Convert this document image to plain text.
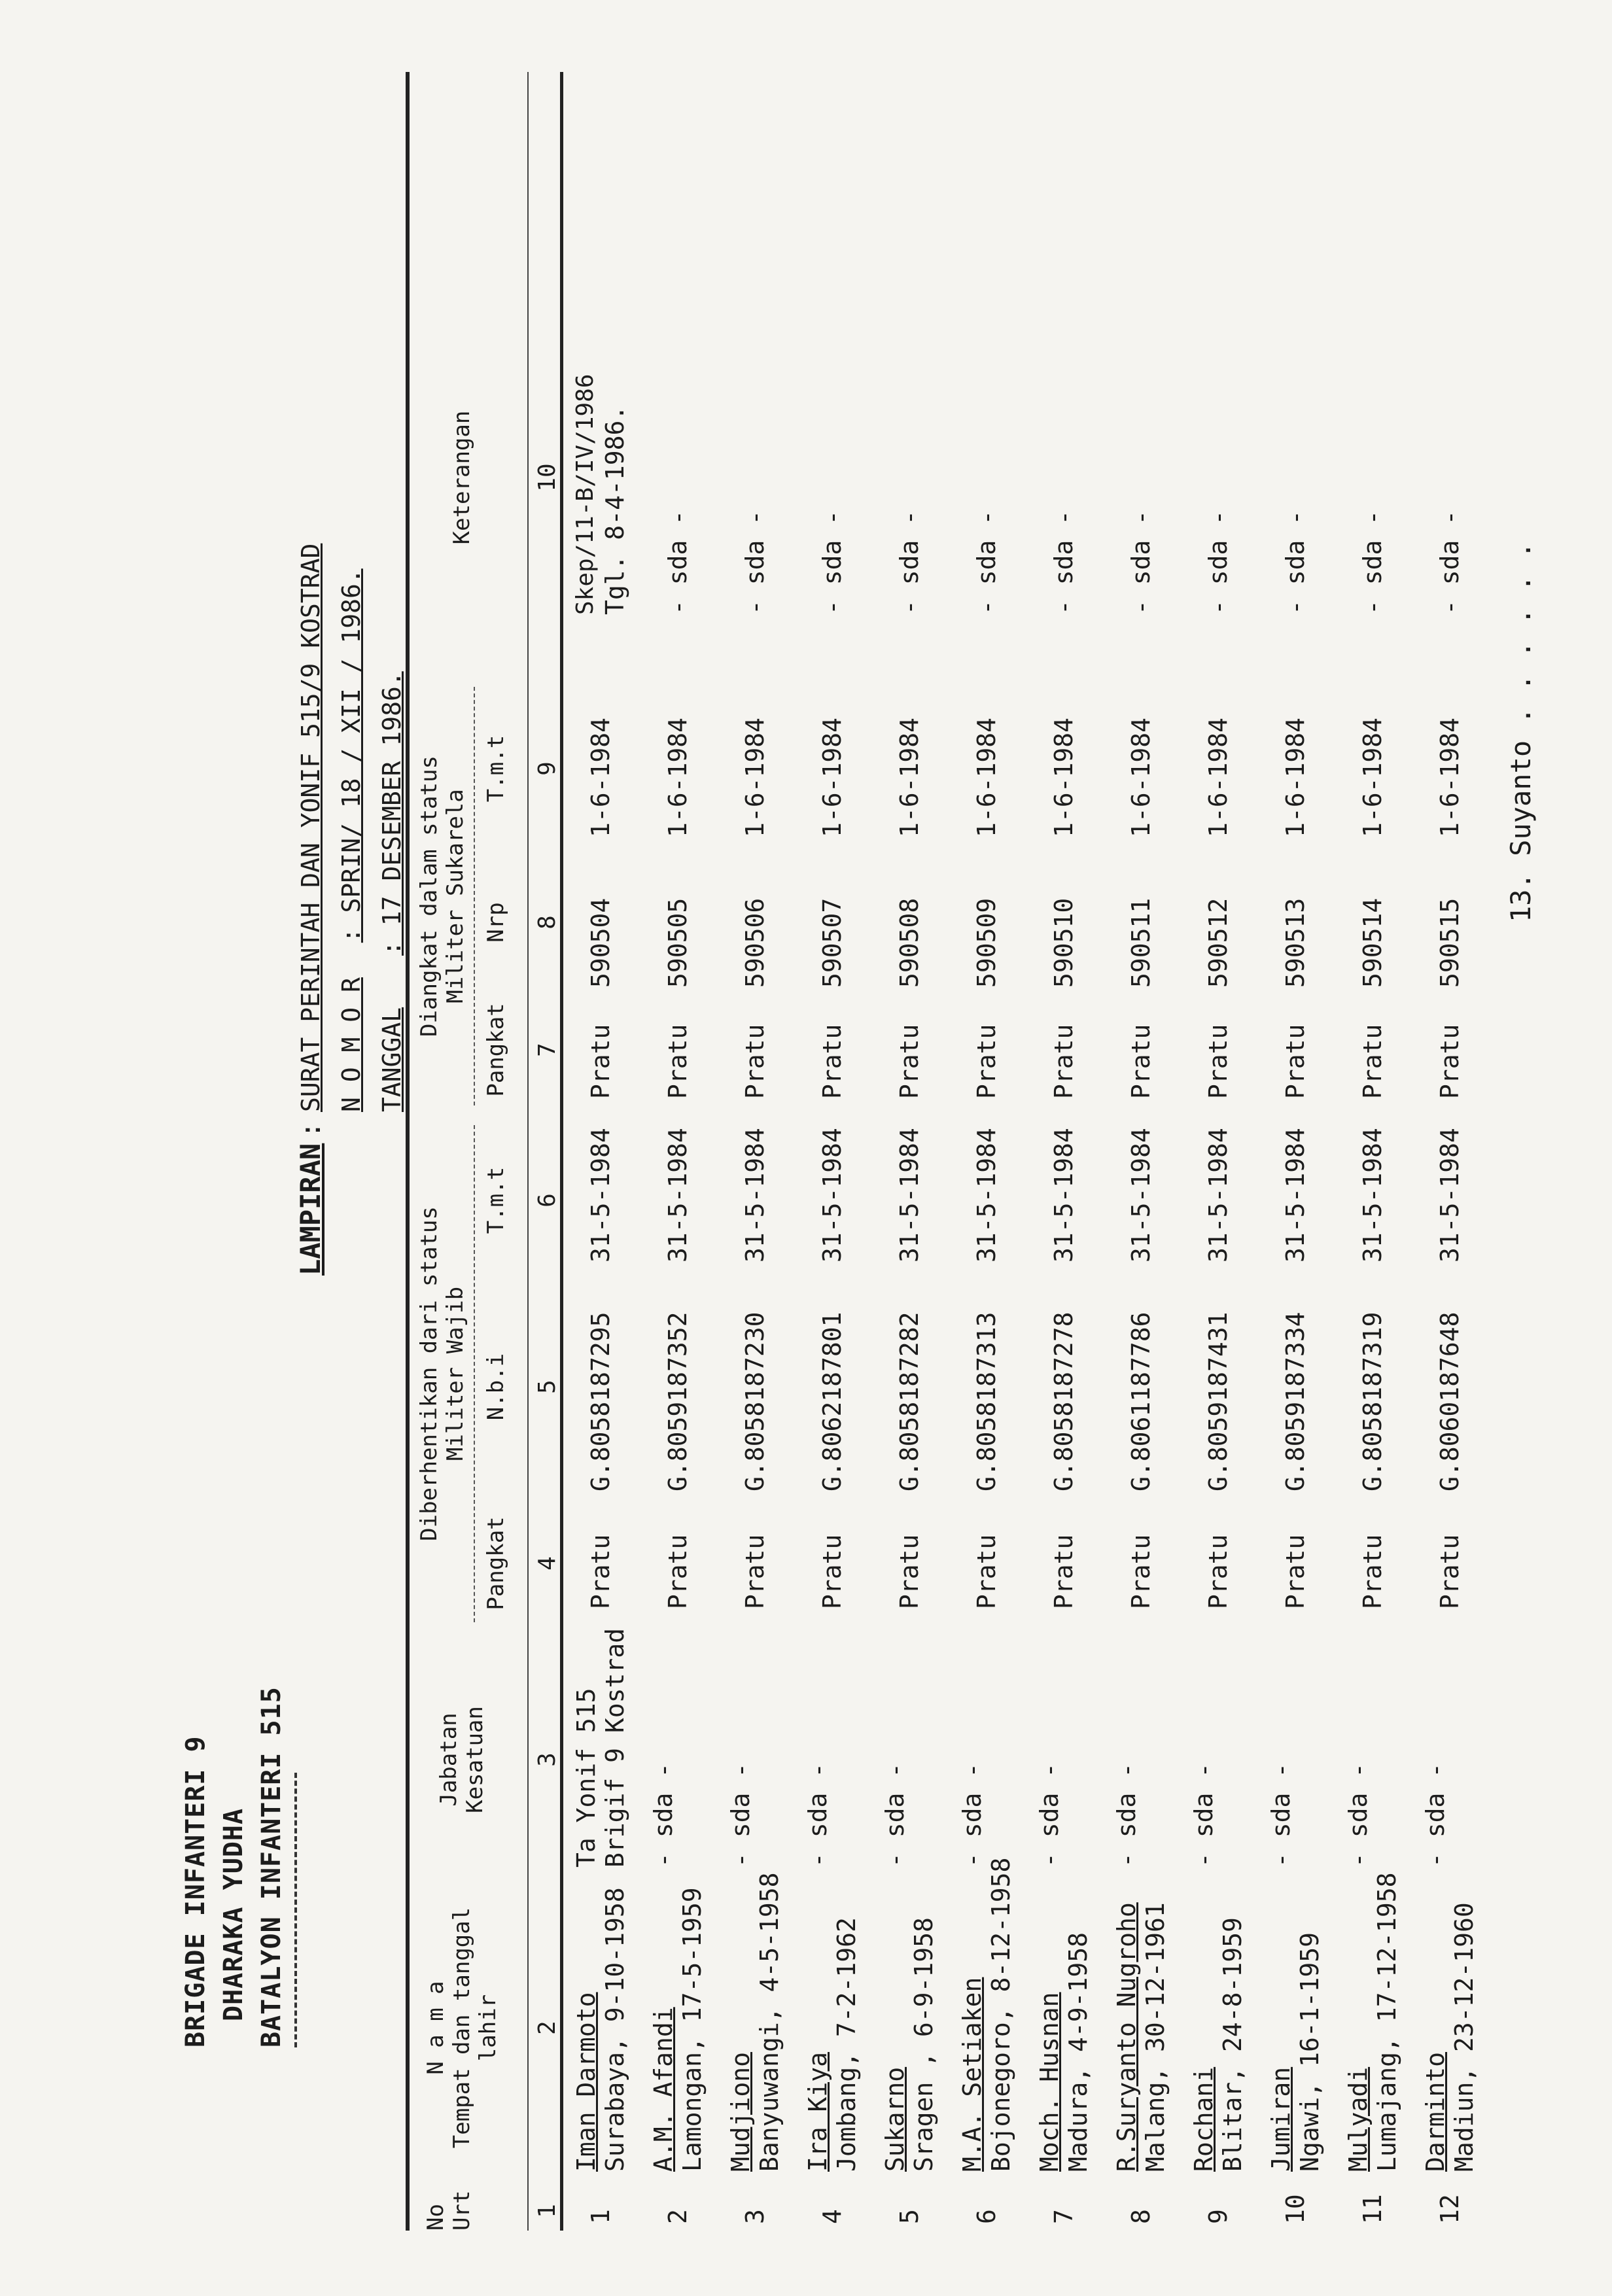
BRIGADE INFANTERI 9 DHARAKA YUDHA BATALYON INFANTERI 515
LAMPIRAN
:
SURAT PERINTAH DAN YONIF 515/9 KOSTRAD N O M O R : SPRIN/ 18 / XII / 1986.
TANGGAL : 17 DESEMBER 1986.
No
Urt
N a m a
Tempat dan tanggal
lahir
Jabatan
Kesatuan
Diberhentikan dari status
Militer Wajib
Pangkat
N.b.i
T.m.t
Diangkat dalam status
Militer Sukarela
Pangkat
Nrp
T.m.t
Keterangan
1
2
3
4
5
6
7
8
9
10
1
Iman Darmoto Surabaya, 9-10-1958
Ta Yonif 515 Brigif 9 Kostrad
Pratu
G.8058187295
31-5-1984
Pratu
590504
1-6-1984
Skep/11-B/IV/1986 Tgl. 8-4-1986.
2
A.M. Afandi Lamongan, 17-5-1959
- sda -
Pratu
G.8059187352
31-5-1984
Pratu
590505
1-6-1984
- sda -
3
Mudjiono Banyuwangi, 4-5-1958
- sda -
Pratu
G.8058187230
31-5-1984
Pratu
590506
1-6-1984
- sda -
4
Ira Kiya Jombang, 7-2-1962
- sda -
Pratu
G.8062187801
31-5-1984
Pratu
590507
1-6-1984
- sda -
5
Sukarno Sragen , 6-9-1958
- sda -
Pratu
G.8058187282
31-5-1984
Pratu
590508
1-6-1984
- sda -
6
M.A. Setiaken Bojonegoro, 8-12-1958
- sda -
Pratu
G.8058187313
31-5-1984
Pratu
590509
1-6-1984
- sda -
7
Moch. Husnan Madura, 4-9-1958
- sda -
Pratu
G.8058187278
31-5-1984
Pratu
590510
1-6-1984
- sda -
8
R.Suryanto Nugroho Malang, 30-12-1961
- sda -
Pratu
G.8061187786
31-5-1984
Pratu
590511
1-6-1984
- sda -
9
Rochani Blitar, 24-8-1959
- sda -
Pratu
G.8059187431
31-5-1984
Pratu
590512
1-6-1984
- sda -
10
Jumiran Ngawi, 16-1-1959
- sda -
Pratu
G.8059187334
31-5-1984
Pratu
590513
1-6-1984
- sda -
11
Mulyadi Lumajang, 17-12-1958
- sda -
Pratu
G.8058187319
31-5-1984
Pratu
590514
1-6-1984
- sda -
12
Darminto Madiun, 23-12-1960
- sda -
Pratu
G.8060187648
31-5-1984
Pratu
590515
1-6-1984
- sda - 13. Suyanto . . . . . .
